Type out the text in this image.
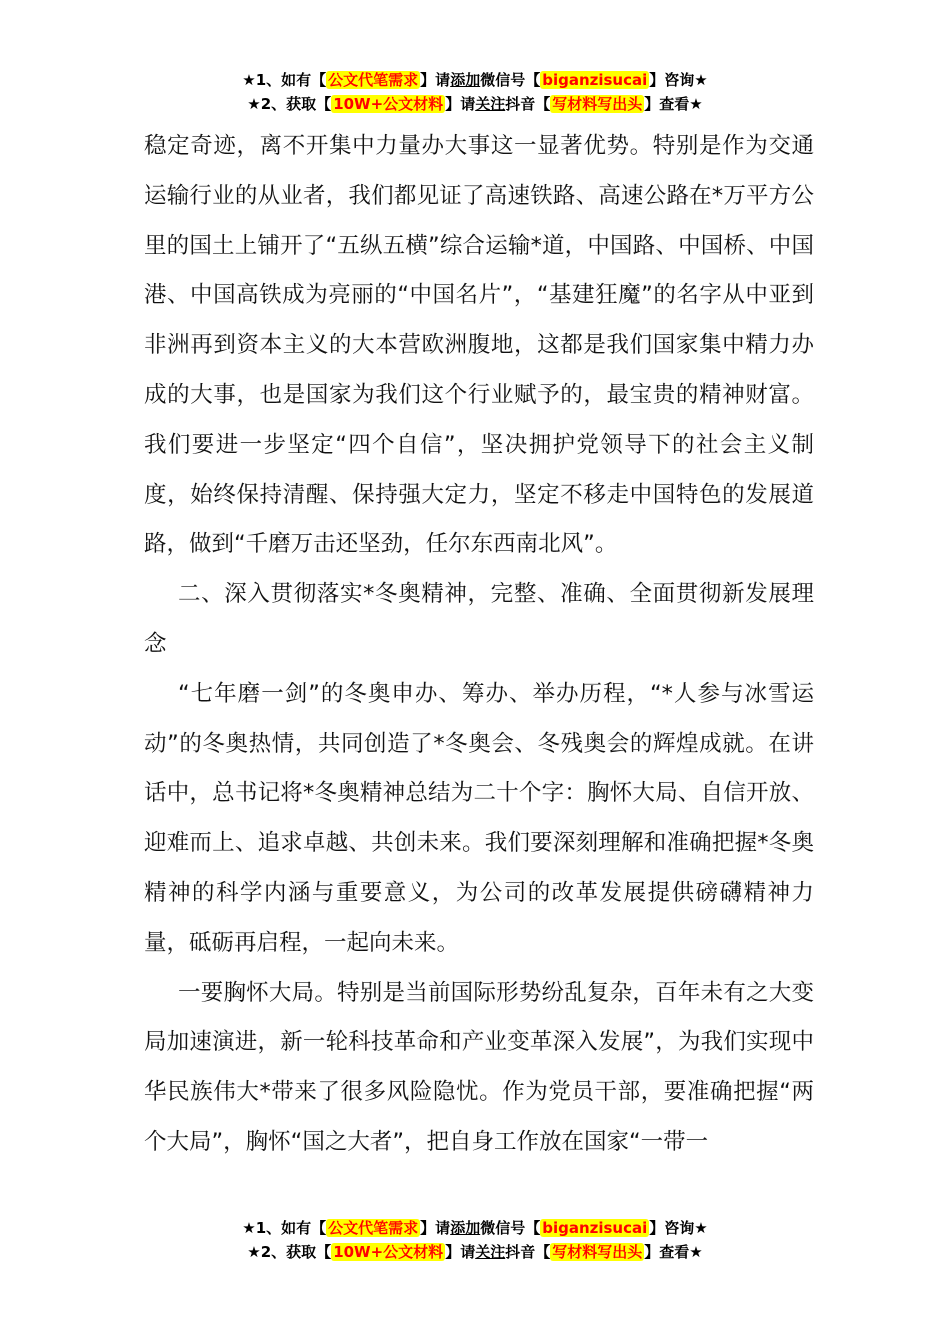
★1、如有【 公文代笔需求 】请添加微信号【 biganzisucai 】咨询★
★2、获取【 10W+公文材料 】请关注抖音【 写材料写出头 】查看★

稳定奇迹，离不开集中力量办大事这一显著优势。特别是作为交通运输行业的从业者，我们都见证了高速铁路、高速公路在*万平方公里的国土上铺开了“五纵五横”综合运输*道，中国路、中国桥、中国港、中国高铁成为亮丽的“中国名片”，“基建狂魔”的名字从中亚到非洲再到资本主义的大本营欧洲腹地，这都是我们国家集中精力办成的大事，也是国家为我们这个行业赋予的，最宝贵的精神财富。我们要进一步坚定“四个自信”，坚决拥护党领导下的社会主义制度，始终保持清醒、保持强大定力，坚定不移走中国特色的发展道路，做到“千磨万击还坚劲，任尔东西南北风”。

二、深入贯彻落实*冬奥精神，完整、准确、全面贯彻新发展理念

“七年磨一剑”的冬奥申办、筹办、举办历程，“*人参与冰雪运动”的冬奥热情，共同创造了*冬奥会、冬残奥会的辉煌成就。在讲话中，总书记将*冬奥精神总结为二十个字：胸怀大局、自信开放、迎难而上、追求卓越、共创未来。我们要深刻理解和准确把握*冬奥精神的科学内涵与重要意义，为公司的改革发展提供磅礴精神力量，砥砺再启程，一起向未来。

一要胸怀大局。特别是当前国际形势纷乱复杂，百年未有之大变局加速演进，新一轮科技革命和产业变革深入发展”，为我们实现中华民族伟大*带来了很多风险隐忧。作为党员干部，要准确把握“两个大局”，胸怀“国之大者”，把自身工作放在国家“一带一

★1、如有【 公文代笔需求 】请添加微信号【 biganzisucai 】咨询★
★2、获取【 10W+公文材料 】请关注抖音【 写材料写出头 】查看★
